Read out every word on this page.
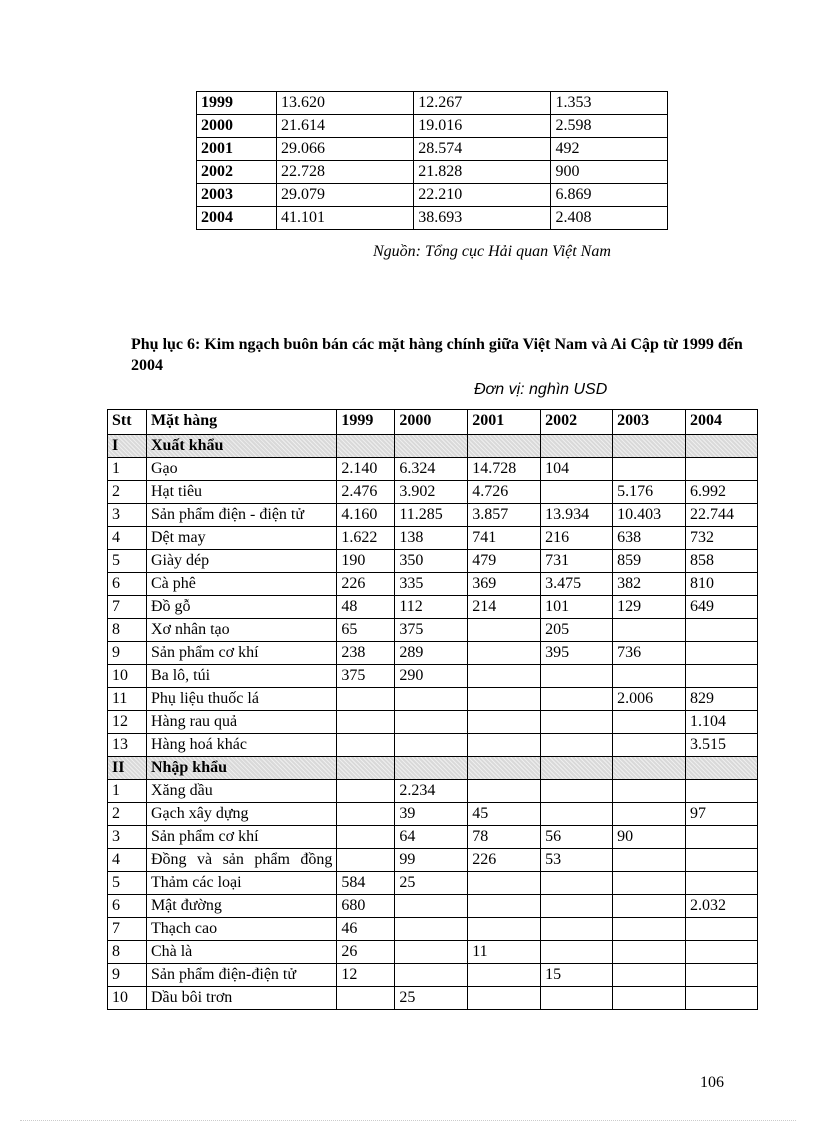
1999	13.620	12.267	1.353
2000	21.614	19.016	2.598
2001	29.066	28.574	492
2002	22.728	21.828	900
2003	29.079	22.210	6.869
2004	41.101	38.693	2.408
Nguồn: Tổng cục Hải quan Việt Nam
Phụ lục 6: Kim ngạch buôn bán các mặt hàng chính giữa Việt Nam và Ai Cập từ 1999 đến 2004
Đơn vị: nghìn USD
Stt	Mặt hàng	1999	2000	2001	2002	2003	2004
I	Xuất khẩu						
1	Gạo	2.140	6.324	14.728	104		
2	Hạt tiêu	2.476	3.902	4.726		5.176	6.992
3	Sản phẩm điện - điện tử	4.160	11.285	3.857	13.934	10.403	22.744
4	Dệt may	1.622	138	741	216	638	732
5	Giày dép	190	350	479	731	859	858
6	Cà phê	226	335	369	3.475	382	810
7	Đồ gỗ	48	112	214	101	129	649
8	Xơ nhân tạo	65	375		205		
9	Sản phẩm cơ khí	238	289		395	736	
10	Ba lô, túi	375	290				
11	Phụ liệu thuốc lá					2.006	829
12	Hàng rau quả						1.104
13	Hàng hoá khác						3.515
II	Nhập khẩu						
1	Xăng dầu		2.234				
2	Gạch xây dựng		39	45			97
3	Sản phẩm cơ khí		64	78	56	90	
4	Đồng và sản phẩm đồng		99	226	53		
5	Thảm các loại	584	25				
6	Mật đường	680					2.032
7	Thạch cao	46					
8	Chà là	26		11			
9	Sản phẩm điện-điện tử	12			15		
10	Dầu bôi trơn		25				
106
